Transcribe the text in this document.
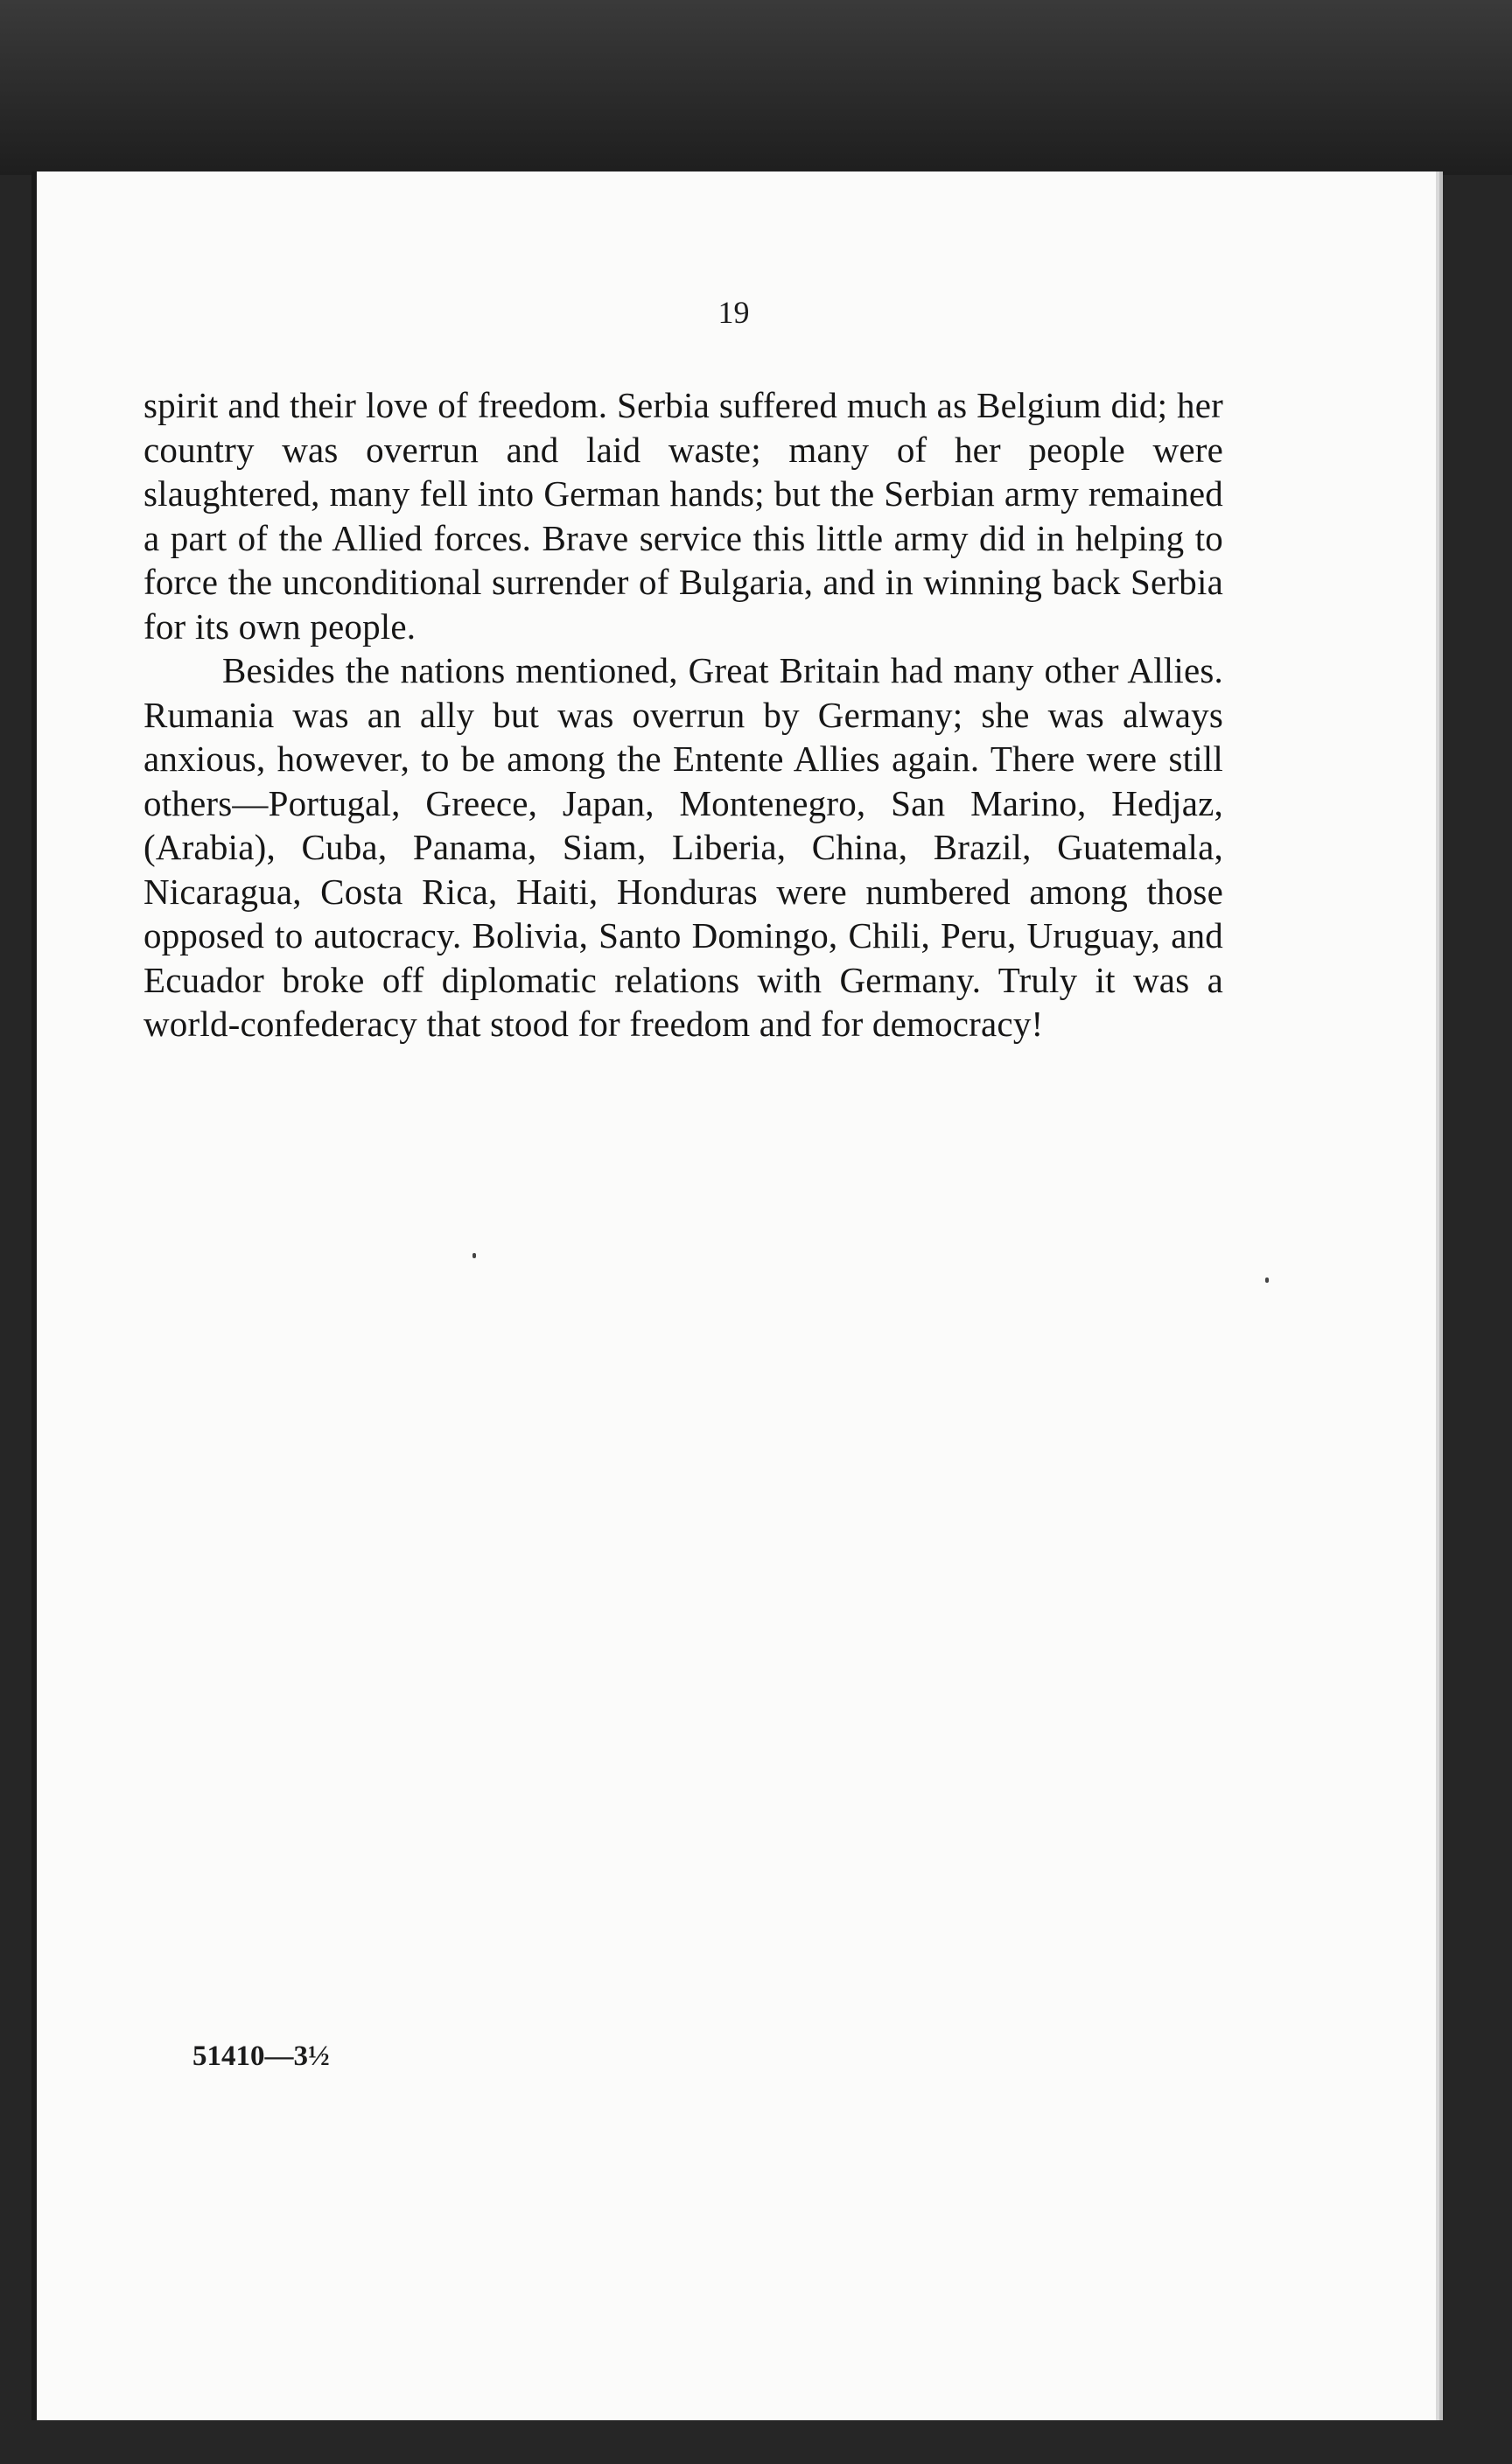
19

spirit and their love of freedom. Serbia suffered much as Belgium did; her country was overrun and laid waste; many of her people were slaughtered, many fell into German hands; but the Serbian army remained a part of the Allied forces. Brave service this little army did in helping to force the unconditional surrender of Bulgaria, and in winning back Serbia for its own people.

Besides the nations mentioned, Great Britain had many other Allies. Rumania was an ally but was overrun by Germany; she was always anxious, however, to be among the Entente Allies again. There were still others—Portugal, Greece, Japan, Montenegro, San Marino, Hedjaz, (Arabia), Cuba, Panama, Siam, Liberia, China, Brazil, Guatemala, Nicaragua, Costa Rica, Haiti, Honduras were numbered among those opposed to autocracy. Bolivia, Santo Domingo, Chili, Peru, Uruguay, and Ecuador broke off diplomatic relations with Germany. Truly it was a world-confederacy that stood for freedom and for democracy!

51410—3½
